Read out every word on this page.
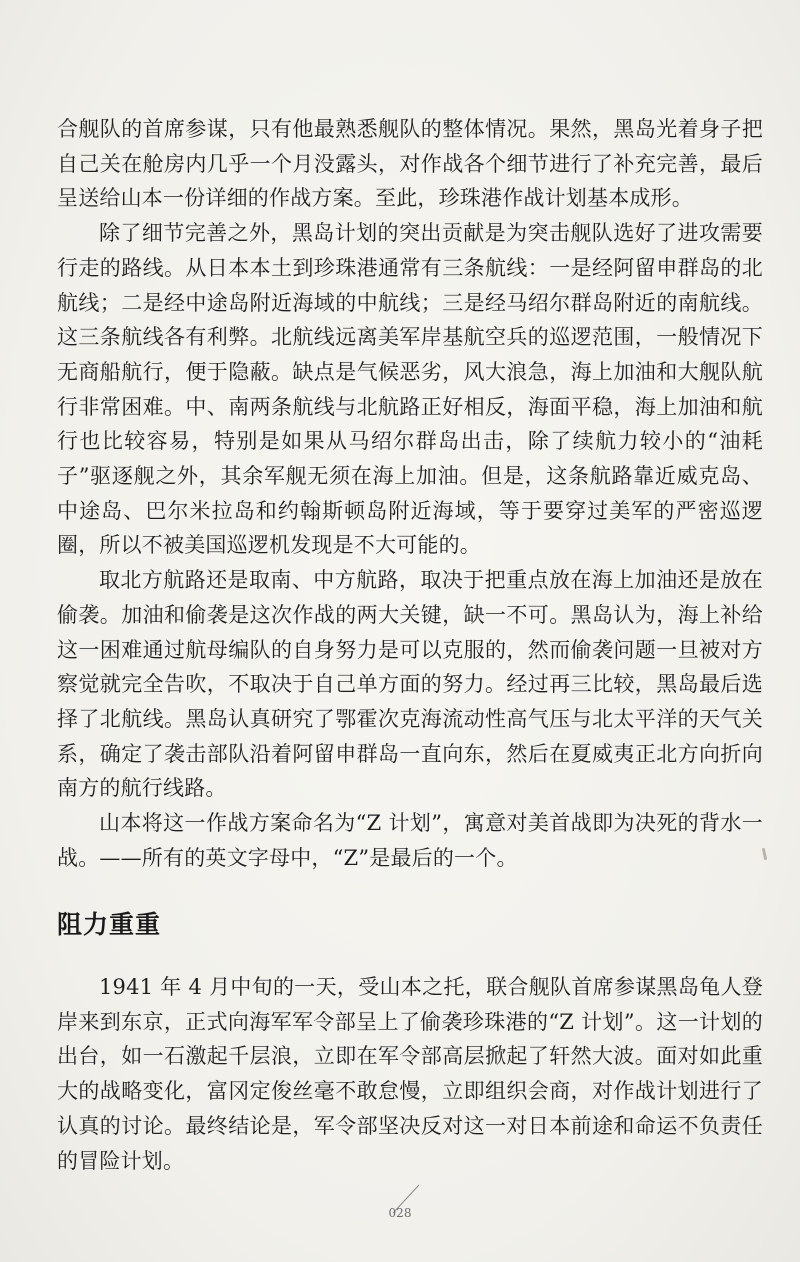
合舰队的首席参谋，只有他最熟悉舰队的整体情况。果然，黑岛光着身子把自己关在舱房内几乎一个月没露头，对作战各个细节进行了补充完善，最后呈送给山本一份详细的作战方案。至此，珍珠港作战计划基本成形。

除了细节完善之外，黑岛计划的突出贡献是为突击舰队选好了进攻需要行走的路线。从日本本土到珍珠港通常有三条航线：一是经阿留申群岛的北航线；二是经中途岛附近海域的中航线；三是经马绍尔群岛附近的南航线。这三条航线各有利弊。北航线远离美军岸基航空兵的巡逻范围，一般情况下无商船航行，便于隐蔽。缺点是气候恶劣，风大浪急，海上加油和大舰队航行非常困难。中、南两条航线与北航路正好相反，海面平稳，海上加油和航行也比较容易，特别是如果从马绍尔群岛出击，除了续航力较小的“油耗子”驱逐舰之外，其余军舰无须在海上加油。但是，这条航路靠近威克岛、中途岛、巴尔米拉岛和约翰斯顿岛附近海域，等于要穿过美军的严密巡逻圈，所以不被美国巡逻机发现是不大可能的。

取北方航路还是取南、中方航路，取决于把重点放在海上加油还是放在偷袭。加油和偷袭是这次作战的两大关键，缺一不可。黑岛认为，海上补给这一困难通过航母编队的自身努力是可以克服的，然而偷袭问题一旦被对方察觉就完全告吹，不取决于自己单方面的努力。经过再三比较，黑岛最后选择了北航线。黑岛认真研究了鄂霍次克海流动性高气压与北太平洋的天气关系，确定了袭击部队沿着阿留申群岛一直向东，然后在夏威夷正北方向折向南方的航行线路。

山本将这一作战方案命名为“Z 计划”，寓意对美首战即为决死的背水一战。——所有的英文字母中，“Z”是最后的一个。

阻力重重

1941 年 4 月中旬的一天，受山本之托，联合舰队首席参谋黑岛龟人登岸来到东京，正式向海军军令部呈上了偷袭珍珠港的“Z 计划”。这一计划的出台，如一石激起千层浪，立即在军令部高层掀起了轩然大波。面对如此重大的战略变化，富冈定俊丝毫不敢怠慢，立即组织会商，对作战计划进行了认真的讨论。最终结论是，军令部坚决反对这一对日本前途和命运不负责任的冒险计划。

028
